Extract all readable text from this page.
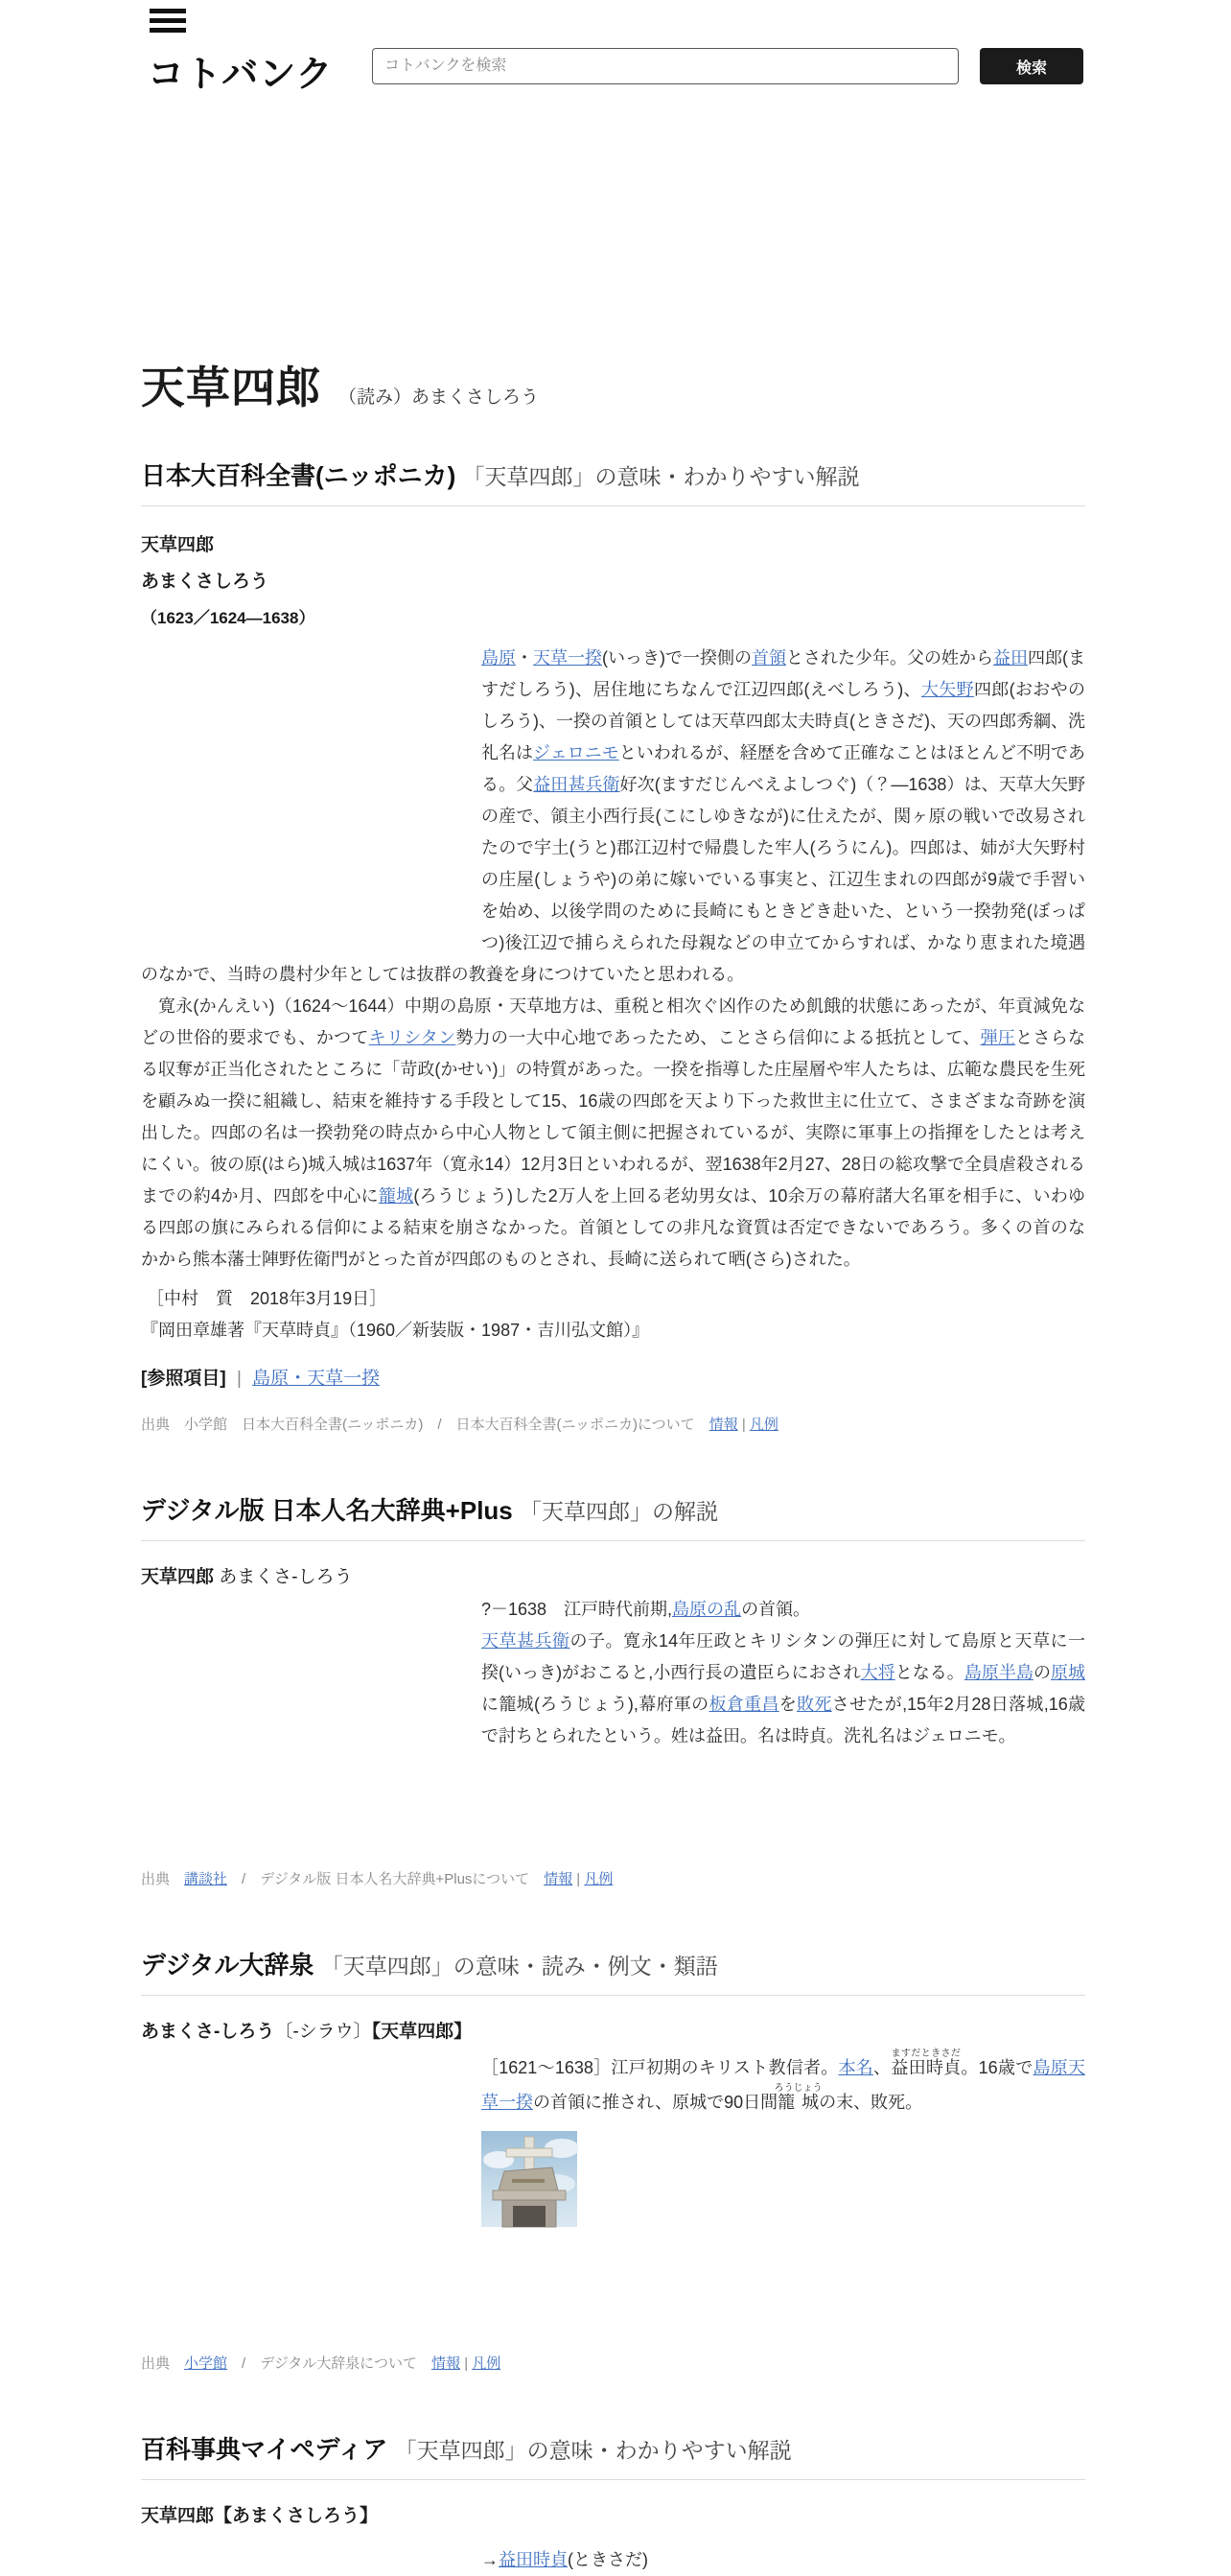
コトバンク
コトバンクを検索	検索
天草四郎 （読み）あまくさしろう
日本大百科全書(ニッポニカ) 「天草四郎」の意味・わかりやすい解説
天草四郎
あまくさしろう
（1623／1624―1638）

島原・天草一揆(いっき)で一揆側の首領とされた少年。父の姓から益田四郎(ますだしろう)、居住地にちなんで江辺四郎(えべしろう)、大矢野四郎(おおやのしろう)、一揆の首領としては天草四郎太夫時貞(ときさだ)、天の四郎秀綱、洗礼名はジェロニモといわれるが、経歴を含めて正確なことはほとんど不明である。父益田甚兵衛好次(ますだじんべえよしつぐ)（？―1638）は、天草大矢野の産で、領主小西行長(こにしゆきなが)に仕えたが、関ヶ原の戦いで改易されたので宇土(うと)郡江辺村で帰農した牢人(ろうにん)。四郎は、姉が大矢野村の庄屋(しょうや)の弟に嫁いでいる事実と、江辺生まれの四郎が9歳で手習いを始め、以後学問のために長崎にもときどき赴いた、という一揆勃発(ぼっぱつ)後江辺で捕らえられた母親などの申立てからすれば、かなり恵まれた境遇のなかで、当時の農村少年としては抜群の教養を身につけていたと思われる。

寛永(かんえい)（1624～1644）中期の島原・天草地方は、重税と相次ぐ凶作のため飢餓的状態にあったが、年貢減免などの世俗的要求でも、かつてキリシタン勢力の一大中心地であったため、ことさら信仰による抵抗として、弾圧とさらなる収奪が正当化されたところに「苛政(かせい)」の特質があった。一揆を指導した庄屋層や牢人たちは、広範な農民を生死を顧みぬ一揆に組織し、結束を維持する手段として15、16歳の四郎を天より下った救世主に仕立て、さまざまな奇跡を演出した。四郎の名は一揆勃発の時点から中心人物として領主側に把握されているが、実際に軍事上の指揮をしたとは考えにくい。彼の原(はら)城入城は1637年（寛永14）12月3日といわれるが、翌1638年2月27、28日の総攻撃で全員虐殺されるまでの約4か月、四郎を中心に籠城(ろうじょう)した2万人を上回る老幼男女は、10余万の幕府諸大名軍を相手に、いわゆる四郎の旗にみられる信仰による結束を崩さなかった。首領としての非凡な資質は否定できないであろう。多くの首のなかから熊本藩士陣野佐衛門がとった首が四郎のものとされ、長崎に送られて晒(さら)された。

［中村　質　2018年3月19日］
『岡田章雄著『天草時貞』（1960／新装版・1987・吉川弘文館）』
[参照項目] | 島原・天草一揆
出典　小学館　日本大百科全書(ニッポニカ)　/　日本大百科全書(ニッポニカ)について　情報 | 凡例
デジタル版 日本人名大辞典+Plus 「天草四郎」の解説
天草四郎 あまくさ-しろう

?－1638　江戸時代前期,島原の乱の首領。

天草甚兵衛の子。寛永14年圧政とキリシタンの弾圧に対して島原と天草に一揆(いっき)がおこると,小西行長の遺臣らにおされ大将となる。島原半島の原城に籠城(ろうじょう),幕府軍の板倉重昌を敗死させたが,15年2月28日落城,16歳で討ちとられたという。姓は益田。名は時貞。洗礼名はジェロニモ。

出典　講談社　/　デジタル版 日本人名大辞典+Plusについて　情報 | 凡例
デジタル大辞泉 「天草四郎」の意味・読み・例文・類語
あまくさ-しろう〔‐シラウ〕【天草四郎】

［1621～1638］江戸初期のキリスト教信者。本名、益田時貞ますだときさだ。16歳で島原天草一揆の首領に推され、原城で90日間籠城ろうじょうの末、敗死。

出典　小学館　/　デジタル大辞泉について　情報 | 凡例
百科事典マイペディア 「天草四郎」の意味・わかりやすい解説
天草四郎【あまくさしろう】

→益田時貞(ときさだ)
